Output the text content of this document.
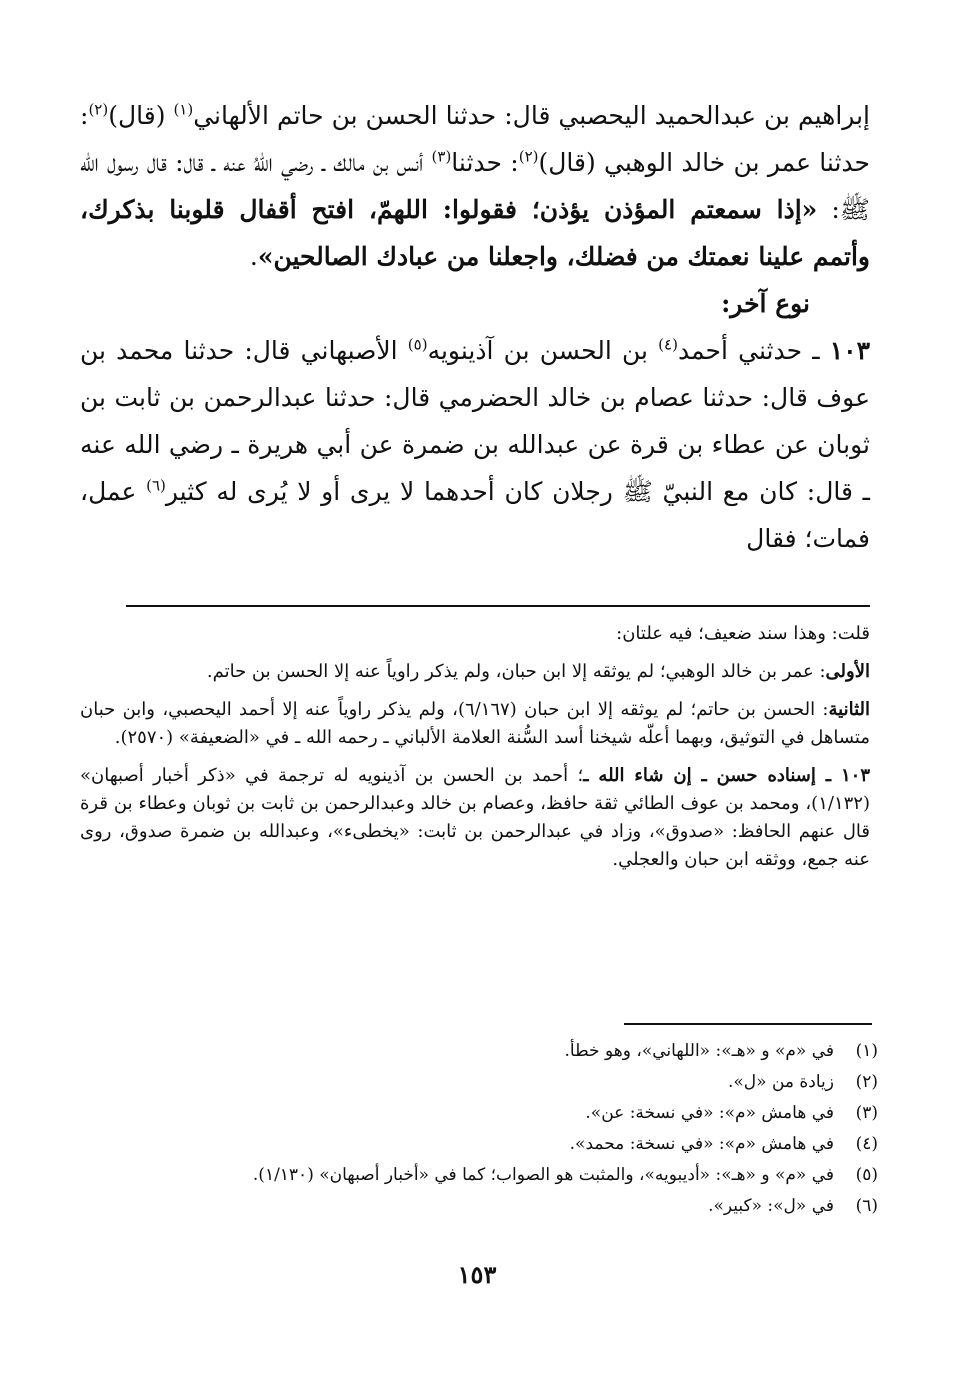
إبراهيم بن عبدالحميد اليحصبي قال: حدثنا الحسن بن حاتم الألهاني$^{(١)}$ (قال)$^{(٢)}$: حدثنا عمر بن خالد الوهبي (قال)$^{(٢)}$: حدثنا$^{(٣)}$ أنس بن مالك ـ رضي اللهُ عنه ـ قال: قال رسول الله ﷺ: «إذا سمعتم المؤذن يؤذن؛ فقولوا: اللهمّ، افتح أقفال قلوبنا بذكرك، وأتمم علينا نعمتك من فضلك، واجعلنا من عبادك الصالحين».

نوع آخر:

١٠٣ ـ حدثني أحمد$^{(٤)}$ بن الحسن بن آذينويه$^{(٥)}$ الأصبهاني قال: حدثنا محمد بن عوف قال: حدثنا عصام بن خالد الحضرمي قال: حدثنا عبدالرحمن بن ثابت بن ثوبان عن عطاء بن قرة عن عبدالله بن ضمرة عن أبي هريرة ـ رضي الله عنه ـ قال: كان مع النبيّ ﷺ رجلان كان أحدهما لا يرى أو لا يُرى له كثير$^{(٦)}$ عمل، فمات؛ فقال

قلت: وهذا سند ضعيف؛ فيه علتان:

الأولى: عمر بن خالد الوهبي؛ لم يوثقه إلا ابن حبان، ولم يذكر راوياً عنه إلا الحسن بن حاتم.

الثانية: الحسن بن حاتم؛ لم يوثقه إلا ابن حبان (٦/١٦٧)، ولم يذكر راوياً عنه إلا أحمد اليحصبي، وابن حبان متساهل في التوثيق، وبهما أعلّه شيخنا أسد السُّنة العلامة الألباني ـ رحمه الله ـ في «الضعيفة» (٢٥٧٠).

١٠٣ ـ إسناده حسن ـ إن شاء الله ـ؛ أحمد بن الحسن بن آذينويه له ترجمة في «ذكر أخبار أصبهان» (١/١٣٢)، ومحمد بن عوف الطائي ثقة حافظ، وعصام بن خالد وعبدالرحمن بن ثابت بن ثوبان وعطاء بن قرة قال عنهم الحافظ: «صدوق»، وزاد في عبدالرحمن بن ثابت: «يخطىء»، وعبدالله بن ضمرة صدوق، روى عنه جمع، ووثقه ابن حبان والعجلي.

(١)
في «م» و «هـ»: «اللهاني»، وهو خطأ.
(٢)
زيادة من «ل».
(٣)
في هامش «م»: «في نسخة: عن».
(٤)
في هامش «م»: «في نسخة: محمد».
(٥)
في «م» و «هـ»: «أديبويه»، والمثبت هو الصواب؛ كما في «أخبار أصبهان» (١/١٣٠).
(٦)
في «ل»: «كبير».
١٥٣
